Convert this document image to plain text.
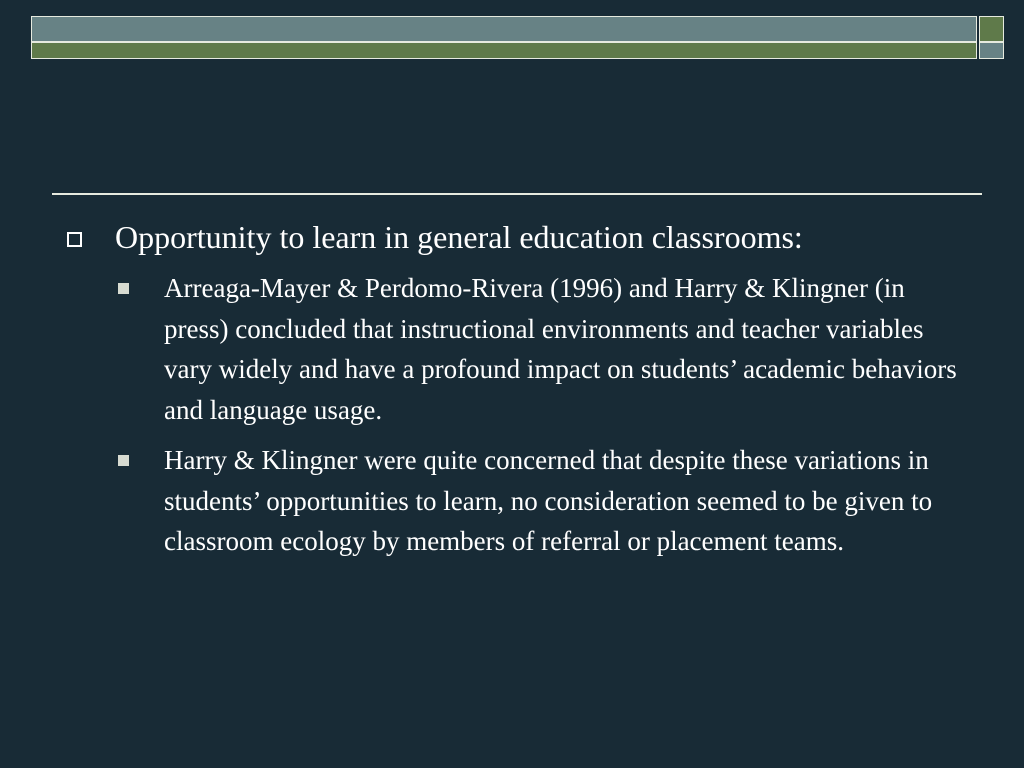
Opportunity to learn in general education classrooms:
Arreaga-Mayer & Perdomo-Rivera (1996) and Harry & Klingner (in press) concluded that instructional environments and teacher variables vary widely and have a profound impact on students’ academic behaviors and language usage.
Harry & Klingner were quite concerned that despite these variations in students’ opportunities to learn, no consideration seemed to be given to classroom ecology by members of referral or placement teams.
